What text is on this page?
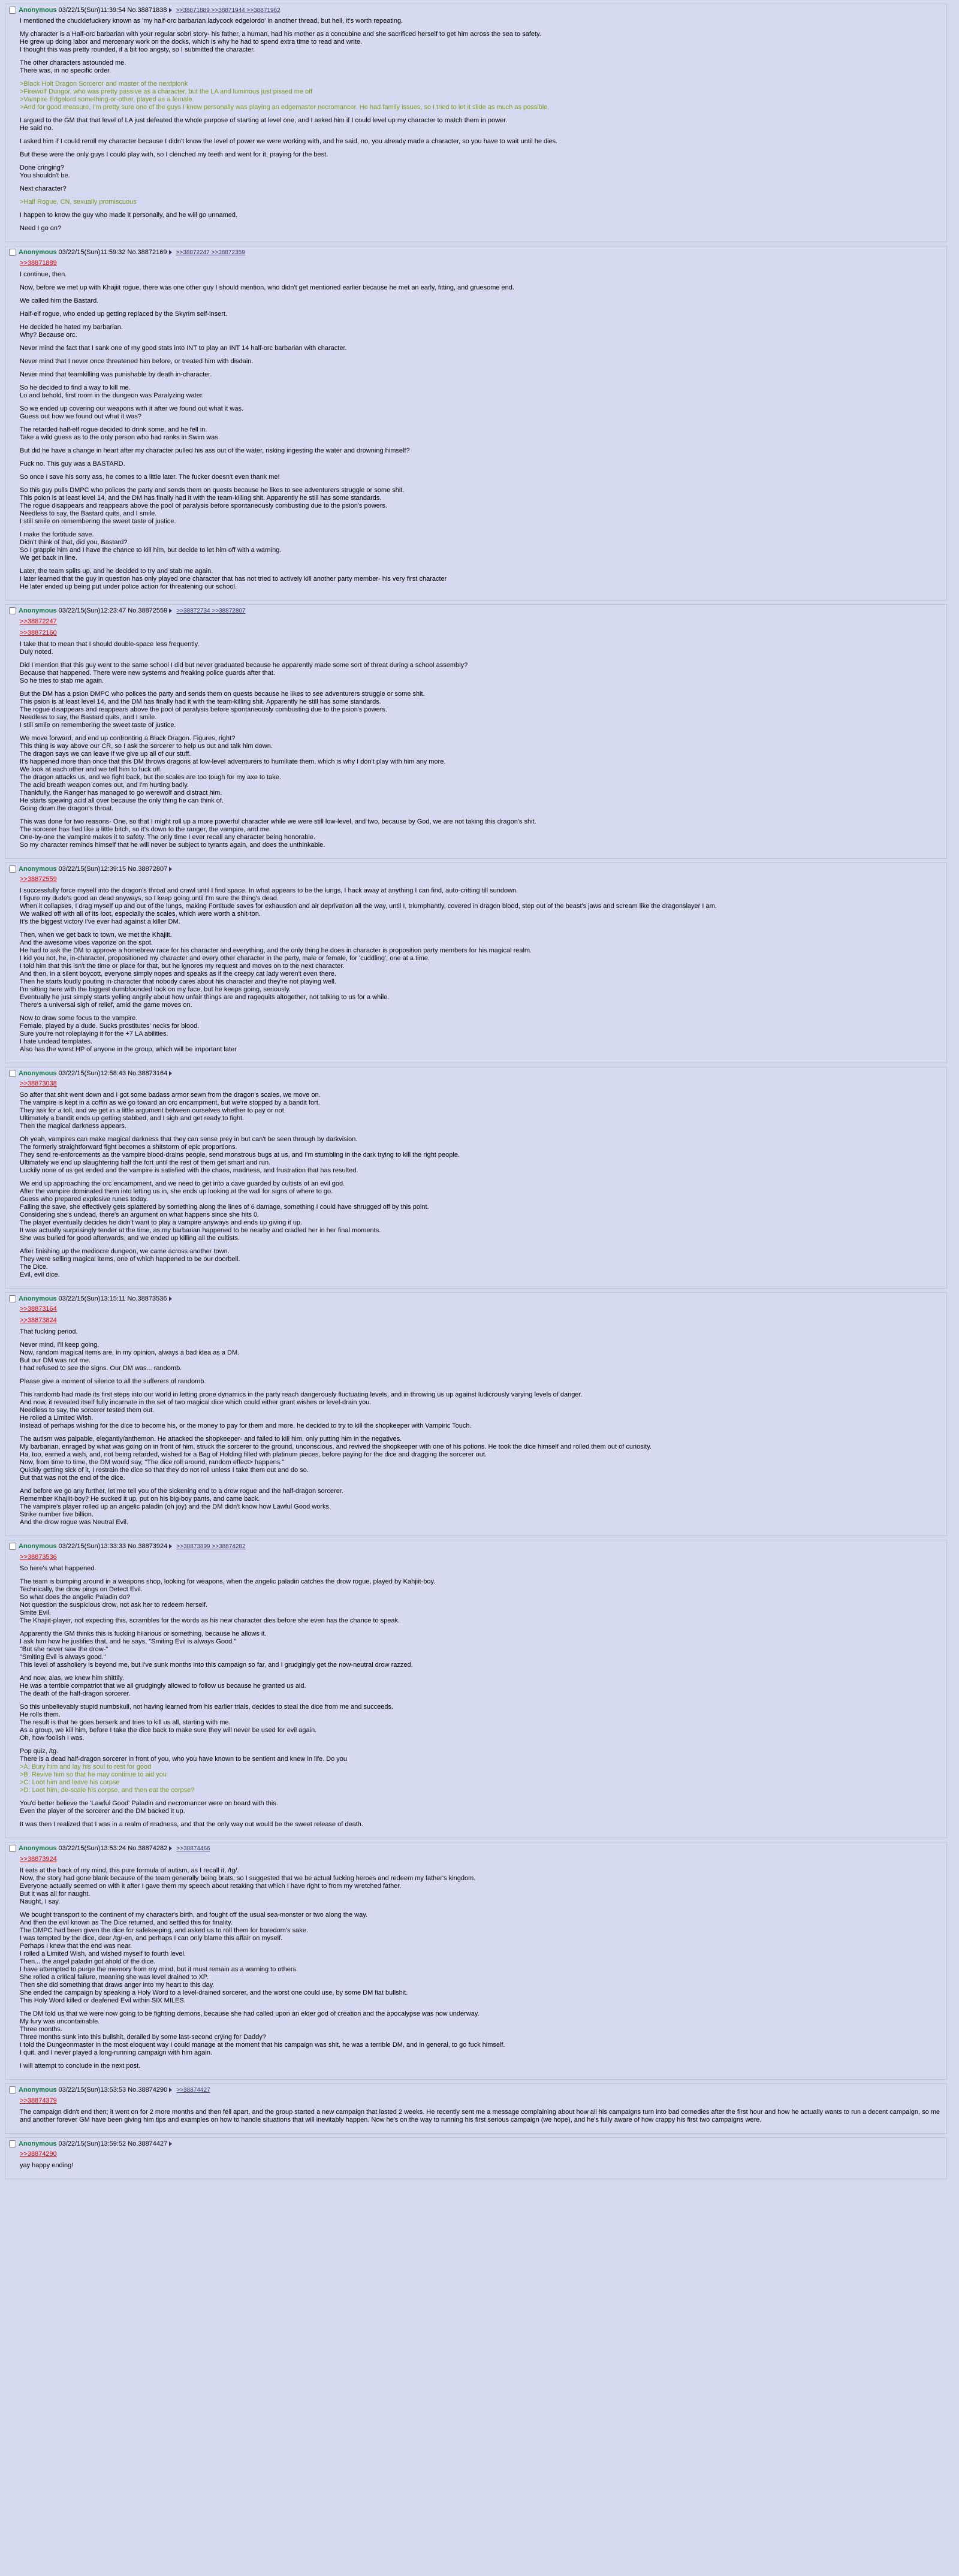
Anonymous 03/22/15(Sun)11:39:54 No.38871838 >>38871889 >>38871944 >>38871962

I mentioned the chucklefuckery known as 'my half-orc barbarian ladycock edgelordo' in another thread, but hell, it's worth repeating.

My character is a Half-orc barbarian with your regular sobri story- his father, a human, had his mother as a concubine and she sacrificed herself to get him across the sea to safety.
He grew up doing labor and mercenary work on the docks, which is why he had to spend extra time to read and write.
I thought this was pretty rounded, if a bit too angsty, so I submitted the character.

The other characters astounded me.
There was, in no specific order.

>Black Holt Dragon Sorceror and master of the nerdplonk
>Firewolf Dungor, who was pretty passive as a character, but the LA and luminous just pissed me off
>Vampire Edgelord something-or-other, played as a female.
>And for good measure, I'm pretty sure one of the guys I knew personally was playing an edgemaster necromancer. He had family issues, so I tried to let it slide as much as possible.

I argued to the GM that that level of LA just defeated the whole purpose of starting at level one, and I asked him if I could level up my character to match them in power.
He said no.

I asked him if I could reroll my character because I didn't know the level of power we were working with, and he said, no, you already made a character, so you have to wait until he dies.

But these were the only guys I could play with, so I clenched my teeth and went for it, praying for the best.

Done cringing?
You shouldn't be.

Next character?

>Half Rogue, CN, sexually promiscuous

I happen to know the guy who made it personally, and he will go unnamed.

Need I go on?

Anonymous 03/22/15(Sun)11:59:32 No.38872169 >>38872247 >>38872359
>>38871889

I continue, then.

Now, before we met up with Khajiit rogue, there was one other guy I should mention, who didn't get mentioned earlier because he met an early, fitting, and gruesome end.

We called him the Bastard.

Half-elf rogue, who ended up getting replaced by the Skyrim self-insert.

He decided he hated my barbarian.
Why? Because orc.

Never mind the fact that I sank one of my good stats into INT to play an INT 14 half-orc barbarian with character.

Never mind that I never once threatened him before, or treated him with disdain.

Never mind that teamkilling was punishable by death in-character.

So he decided to find a way to kill me.
Lo and behold, first room in the dungeon was Paralyzing water.

So we ended up covering our weapons with it after we found out what it was.
Guess out how we found out what it was?

The retarded half-elf rogue decided to drink some, and he fell in.
Take a wild guess as to the only person who had ranks in Swim was.

But did he have a change in heart after my character pulled his ass out of the water, risking ingesting the water and drowning himself?

Fuck no. This guy was a BASTARD.

So once I save his sorry ass, he comes to a little later. The fucker doesn't even thank me!

So this guy pulls DMPC who polices the party and sends them on quests because he likes to see adventurers struggle or some shit.
This poion is at least level 14, and the DM has finally had it with the team-killing shit. Apparently he still has some standards.
The rogue disappears and reappears above the pool of paralysis before spontaneously combusting due to the psion's powers.
Needless to say, the Bastard quits, and I smile.
I still smile on remembering the sweet taste of justice.

I make the fortitude save.
Didn't think of that, did you, Bastard?
So I grapple him and I have the chance to kill him, but decide to let him off with a warning.
We get back in line.

Later, the team splits up, and he decided to try and stab me again.
I later learned that the guy in question has only played one character that has not tried to actively kill another party member- his very first character
He later ended up being put under police action for threatening our school.

Anonymous 03/22/15(Sun)12:23:47 No.38872559 >>38872734 >>38872807
>>38872247
>>38872160

I take that to mean that I should double-space less frequently.
Duly noted.

Did I mention that this guy went to the same school I did but never graduated because he apparently made some sort of threat during a school assembly?
Because that happened. There were new systems and freaking police guards after that.
So he tries to stab me again.

But the DM has a psion DMPC who polices the party and sends them on quests because he likes to see adventurers struggle or some shit.
This psion is at least level 14, and the DM has finally had it with the team-killing shit. Apparently he still has some standards.
The rogue disappears and reappears above the pool of paralysis before spontaneously combusting due to the psion's powers.
Needless to say, the Bastard quits, and I smile.
I still smile on remembering the sweet taste of justice.

We move forward, and end up confronting a Black Dragon. Figures, right?
This thing is way above our CR, so I ask the sorcerer to help us out and talk him down.
The dragon says we can leave if we give up all of our stuff.
It's happened more than once that this DM throws dragons at low-level adventurers to humiliate them, which is why I don't play with him any more.
We look at each other and we tell him to fuck off.
The dragon attacks us, and we fight back, but the scales are too tough for my axe to take.
The acid breath weapon comes out, and I'm hurting badly.
Thankfully, the Ranger has managed to go werewolf and distract him.
He starts spewing acid all over because the only thing he can think of.
Going down the dragon's throat.

This was done for two reasons- One, so that I might roll up a more powerful character while we were still low-level, and two, because by God, we are not taking this dragon's shit.
The sorcerer has fled like a little bitch, so it's down to the ranger, the vampire, and me.
One-by-one the vampire makes it to safety. The only time I ever recall any character being honorable.
So my character reminds himself that he will never be subject to tyrants again, and does the unthinkable.

Anonymous 03/22/15(Sun)12:39:15 No.38872807
>>38872559

I successfully force myself into the dragon's throat and crawl until I find space. In what appears to be the lungs, I hack away at anything I can find, auto-critting till sundown.
I figure my dude's good an dead anyways, so I keep going until I'm sure the thing's dead.
When it collapses, I drag myself up and out of the lungs, making Fortitude saves for exhaustion and air deprivation all the way, until I, triumphantly, covered in dragon blood, step out of the beast's jaws and scream like the dragonslayer I am.
We walked off with all of its loot, especially the scales, which were worth a shit-ton.
It's the biggest victory I've ever had against a killer DM.

Then, when we get back to town, we met the Khajiit.
And the awesome vibes vaporize on the spot.
He had to ask the DM to approve a homebrew race for his character and everything, and the only thing he does in character is proposition party members for his magical realm.
I kid you not, he, in-character, propositioned my character and every other character in the party, male or female, for 'cuddling', one at a time.
I told him that this isn't the time or place for that, but he ignores my request and moves on to the next character.
And then, in a silent boycott, everyone simply nopes and speaks as if the creepy cat lady weren't even there.
Then he starts loudly pouting in-character that nobody cares about his character and they're not playing well.
I'm sitting here with the biggest dumbfounded look on my face, but he keeps going, seriously.
Eventually he just simply starts yelling angrily about how unfair things are and ragequits altogether, not talking to us for a while.
There's a universal sigh of relief, amid the game moves on.

Now to draw some focus to the vampire.
Female, played by a dude. Sucks prostitutes' necks for blood.
Sure you're not roleplaying it for the +7 LA abilities.
I hate undead templates.
Also has the worst HP of anyone in the group, which will be important later

Anonymous 03/22/15(Sun)12:58:43 No.38873164
>>38873038

So after that shit went down and I got some badass armor sewn from the dragon's scales, we move on.
The vampire is kept in a coffin as we go toward an orc encampment, but we're stopped by a bandit fort.
They ask for a toll, and we get in a little argument between ourselves whether to pay or not.
Ultimately a bandit ends up getting stabbed, and I sigh and get ready to fight.
Then the magical darkness appears.

Oh yeah, vampires can make magical darkness that they can sense prey in but can't be seen through by darkvision.
The formerly straightforward fight becomes a shitstorm of epic proportions.
They send re-enforcements as the vampire blood-drains people, send monstrous bugs at us, and I'm stumbling in the dark trying to kill the right people.
Ultimately we end up slaughtering half the fort until the rest of them get smart and run.
Luckily none of us get ended and the vampire is satisfied with the chaos, madness, and frustration that has resulted.

We end up approaching the orc encampment, and we need to get into a cave guarded by cultists of an evil god.
After the vampire dominated them into letting us in, she ends up looking at the wall for signs of where to go.
Guess who prepared explosive runes today.
Falling the save, she effectively gets splattered by something along the lines of 6 damage, something I could have shrugged off by this point.
Considering she's undead, there's an argument on what happens since she hits 0.
The player eventually decides he didn't want to play a vampire anyways and ends up giving it up.
It was actually surprisingly tender at the time, as my barbarian happened to be nearby and cradled her in her final moments.
She was buried for good afterwards, and we ended up killing all the cultists.

After finishing up the mediocre dungeon, we came across another town.
They were selling magical items, one of which happened to be our doorbell.
The Dice.
Evil, evil dice.

Anonymous 03/22/15(Sun)13:15:11 No.38873536
>>38873164
>>38873824

That fucking period.

Never mind, I'll keep going.
Now, random magical items are, in my opinion, always a bad idea as a DM.
But our DM was not me.
I had refused to see the signs. Our DM was... randomb.

Please give a moment of silence to all the sufferers of randomb.

This randomb had made its first steps into our world in letting prone dynamics in the party reach dangerously fluctuating levels, and in throwing us up against ludicrously varying levels of danger.
And now, it revealed itself fully incarnate in the set of two magical dice which could either grant wishes or level-drain you.
Needless to say, the sorcerer tested them out.
He rolled a Limited Wish.
Instead of perhaps wishing for the dice to become his, or the money to pay for them and more, he decided to try to kill the shopkeeper with Vampiric Touch.

The autism was palpable, elegantly/anthemon. He attacked the shopkeeper- and failed to kill him, only putting him in the negatives.
My barbarian, enraged by what was going on in front of him, struck the sorcerer to the ground, unconscious, and revived the shopkeeper with one of his potions. He took the dice himself and rolled them out of curiosity.
Ha, too, earned a wish, and, not being retarded, wished for a Bag of Holding filled with platinum pieces, before paying for the dice and dragging the sorcerer out.
Now, from time to time, the DM would say, "The dice roll around, random effect> happens."
Quickly getting sick of it, I restrain the dice so that they do not roll unless I take them out and do so.
But that was not the end of the dice.

And before we go any further, let me tell you of the sickening end to a drow rogue and the half-dragon sorcerer.
Remember Khajiit-boy? He sucked it up, put on his big-boy pants, and came back.
The vampire's player rolled up an angelic paladin (oh joy) and the DM didn't know how Lawful Good works.
Strike number five billion.
And the drow rogue was Neutral Evil.

Anonymous 03/22/15(Sun)13:33:33 No.38873924 >>38873899 >>38874282
>>38873536

So here's what happened.

The team is bumping around in a weapons shop, looking for weapons, when the angelic paladin catches the drow rogue, played by Kahjiit-boy.
Technically, the drow pings on Detect Evil.
So what does the angelic Paladin do?
Not question the suspicious drow, not ask her to redeem herself.
Smite Evil.
The Khajiit-player, not expecting this, scrambles for the words as his new character dies before she even has the chance to speak.

Apparently the GM thinks this is fucking hilarious or something, because he allows it.
I ask him how he justifies that, and he says, "Smiting Evil is always Good."
"But she never saw the drow-"
"Smiting Evil is always good."
This level of assholiery is beyond me, but I've sunk months into this campaign so far, and I grudgingly get the now-neutral drow razzed.

And now, alas, we knew him shittily.
He was a terrible compatriot that we all grudgingly allowed to follow us because he granted us aid.
The death of the half-dragon sorcerer.

So this unbelievably stupid numbskull, not having learned from his earlier trials, decides to steal the dice from me and succeeds.
He rolls them.
The result is that he goes berserk and tries to kill us all, starting with me.
As a group, we kill him, before I take the dice back to make sure they will never be used for evil again.
Oh, how foolish I was.

Pop quiz, /tg.
There is a dead half-dragon sorcerer in front of you, who you have known to be sentient and knew in life. Do you
>A: Bury him and lay his soul to rest for good
>B: Revive him so that he may continue to aid you
>C: Loot him and leave his corpse
>D: Loot him, de-scale his corpse, and then eat the corpse?

You'd better believe the 'Lawful Good' Paladin and necromancer were on board with this.
Even the player of the sorcerer and the DM backed it up.

It was then I realized that I was in a realm of madness, and that the only way out would be the sweet release of death.

Anonymous 03/22/15(Sun)13:53:24 No.38874282 >>38874466
>>38873924

It eats at the back of my mind, this pure formula of autism, as I recall it, /tg/.
Now, the story had gone blank because of the team generally being brats, so I suggested that we be actual fucking heroes and redeem my father's kingdom.
Everyone actually seemed on with it after I gave them my speech about retaking that which I have right to from my wretched father.
But it was all for naught.
Naught, I say.

We bought transport to the continent of my character's birth, and fought off the usual sea-monster or two along the way.
And then the evil known as The Dice returned, and settled this for finality.
The DMPC had been given the dice for safekeeping, and asked us to roll them for boredom's sake.
I was tempted by the dice, dear /tg/-en, and perhaps I can only blame this affair on myself.
Perhaps I knew that the end was near.
I rolled a Limited Wish, and wished myself to fourth level.
Then... the angel paladin got ahold of the dice.
I have attempted to purge the memory from my mind, but it must remain as a warning to others.
She rolled a critical failure, meaning she was level drained to XP.
Then she did something that draws anger into my heart to this day.
She ended the campaign by speaking a Holy Word to a level-drained sorcerer, and the worst one could use, by some DM fiat bullshit.
This Holy Word killed or deafened Evil within SIX MILES.

The DM told us that we were now going to be fighting demons, because she had called upon an elder god of creation and the apocalypse was now underway.
My fury was uncontainable.
Three months.
Three months sunk into this bullshit, derailed by some last-second crying for Daddy?
I told the Dungeonmaster in the most eloquent way I could manage at the moment that his campaign was shit, he was a terrible DM, and in general, to go fuck himself.
I quit, and I never played a long-running campaign with him again.

I will attempt to conclude in the next post.

Anonymous 03/22/15(Sun)13:53:53 No.38874290 >>38874427
>>38874379

The campaign didn't end then; it went on for 2 more months and then fell apart, and the group started a new campaign that lasted 2 weeks. He recently sent me a message complaining about how all his campaigns turn into bad comedies after the first hour and how he actually wants to run a decent campaign, so me and another forever GM have been giving him tips and examples on how to handle situations that will inevitably happen. Now he's on the way to running his first serious campaign (we hope), and he's fully aware of how crappy his first two campaigns were.

Anonymous 03/22/15(Sun)13:59:52 No.38874427
>>38874290

yay happy ending!
